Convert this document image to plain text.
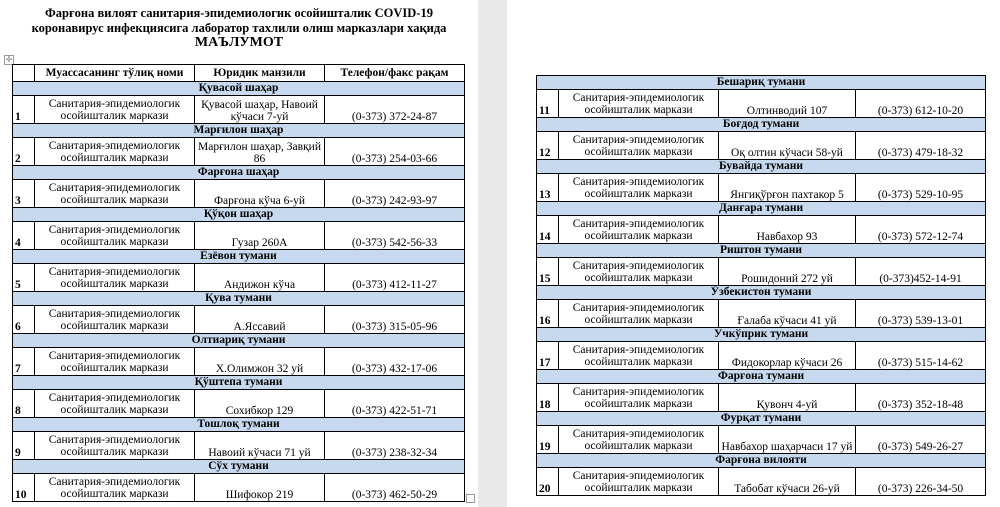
Фарғона вилоят санитария-эпидемиологик осойишталик COVID-19
коронавирус инфекциясига лаборатор тахлили олиш марказлари хақида
МАЪЛУМОТ
✢
	Муассасанинг тўлиқ номи	Юридик манзили	Телефон/факс рақам
Қувасой шаҳар			
1	Санитария-эпидемиологик осойишталик маркази	Қувасой шаҳар, Навоий кўчаси 7-уй	(0-373) 372-24-87
Марғилон шаҳар			
2	Санитария-эпидемиологик осойишталик маркази	Марғилон шаҳар, Завқий 86	(0-373) 254-03-66
Фарғона шаҳар			
3	Санитария-эпидемиологик осойишталик маркази	Фарғона кўча 6-уй	(0-373) 242-93-97
Қўқон шаҳар			
4	Санитария-эпидемиологик осойишталик маркази	Гузар 260А	(0-373) 542-56-33
Ёзёвон тумани			
5	Санитария-эпидемиологик осойишталик маркази	Андижон кўча	(0-373) 412-11-27
Қува тумани			
6	Санитария-эпидемиологик осойишталик маркази	А.Яссавий	(0-373) 315-05-96
Олтиариқ тумани			
7	Санитария-эпидемиологик осойишталик маркази	Х.Олимжон 32 уй	(0-373) 432-17-06
Қўштепа тумани			
8	Санитария-эпидемиологик осойишталик маркази	Сохибкор 129	(0-373) 422-51-71
Тошлоқ тумани			
9	Санитария-эпидемиологик осойишталик маркази	Навоий кўчаси 71 уй	(0-373) 238-32-34
Сўх тумани			
10	Санитария-эпидемиологик осойишталик маркази	Шифокор 219	(0-373) 462-50-29
Бешариқ тумани			
11	Санитария-эпидемиологик осойишталик маркази	Олтинводий 107	(0-373) 612-10-20
Боғдод тумани			
12	Санитария-эпидемиологик осойишталик маркази	Оқ олтин кўчаси 58-уй	(0-373) 479-18-32
Бувайда тумани			
13	Санитария-эпидемиологик осойишталик маркази	Янгиқўрғон пахтакор 5	(0-373) 529-10-95
Данғара тумани			
14	Санитария-эпидемиологик осойишталик маркази	Навбахор 93	(0-373) 572-12-74
Риштон тумани			
15	Санитария-эпидемиологик осойишталик маркази	Рошидоний 272 уй	(0-373)452-14-91
Ўзбекистон тумани			
16	Санитария-эпидемиологик осойишталик маркази	Ғалаба кўчаси 41 уй	(0-373) 539-13-01
Учкўприк тумани			
17	Санитария-эпидемиологик осойишталик маркази	Фидокорлар кўчаси 26	(0-373) 515-14-62
Фарғона тумани			
18	Санитария-эпидемиологик осойишталик маркази	Қувонч 4-уй	(0-373) 352-18-48
Фурқат тумани			
19	Санитария-эпидемиологик осойишталик маркази	Навбахор шаҳарчаси 17 уй	(0-373) 549-26-27
Фарғона вилояти			
20	Санитария-эпидемиологик осойишталик маркази	Табобат кўчаси 26-уй	(0-373) 226-34-50
